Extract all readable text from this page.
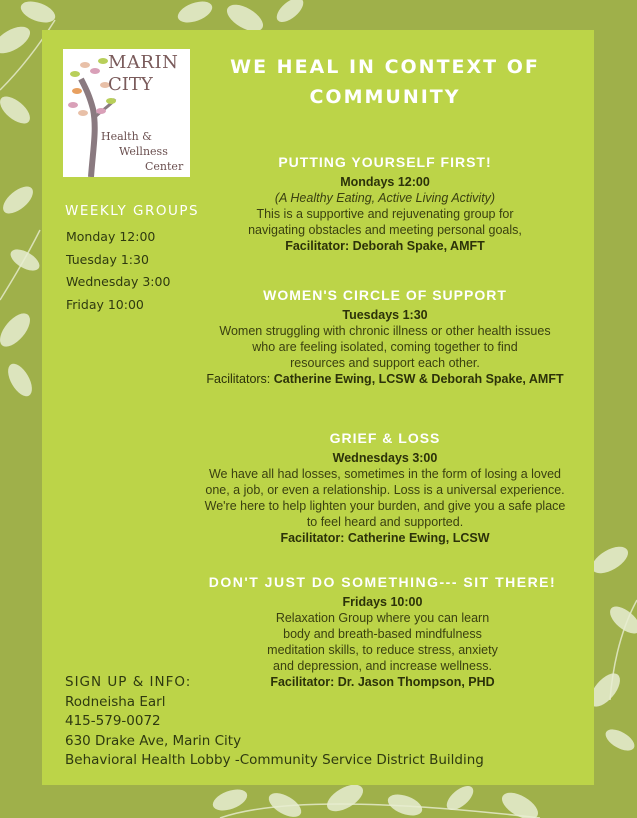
MARIN
CITY
Health &
Wellness
Center
WE HEAL IN CONTEXT OF
COMMUNITY
WEEKLY GROUPS
Monday 12:00
Tuesday 1:30
Wednesday 3:00
Friday 10:00
PUTTING YOURSELF FIRST!
Mondays 12:00
(A Healthy Eating, Active Living Activity)
This is a supportive and rejuvenating group for
navigating obstacles and meeting personal goals,
Facilitator: Deborah Spake, AMFT
WOMEN'S CIRCLE OF SUPPORT
Tuesdays 1:30
Women struggling with chronic illness or other health issues
who are feeling isolated, coming together to find
resources and support each other.
Facilitators: Catherine Ewing, LCSW & Deborah Spake, AMFT
GRIEF & LOSS
Wednesdays 3:00
We have all had losses, sometimes in the form of losing a loved
one, a job, or even a relationship. Loss is a universal experience.
We're here to help lighten your burden, and give you a safe place
to feel heard and supported.
Facilitator: Catherine Ewing, LCSW
DON'T JUST DO SOMETHING--- SIT THERE!
Fridays 10:00
Relaxation Group where you can learn
body and breath-based mindfulness
meditation skills, to reduce stress, anxiety
and depression, and increase wellness.
Facilitator: Dr. Jason Thompson, PHD
SIGN UP & INFO:
Rodneisha Earl
415-579-0072
630 Drake Ave, Marin City
Behavioral Health Lobby -Community Service District Building
